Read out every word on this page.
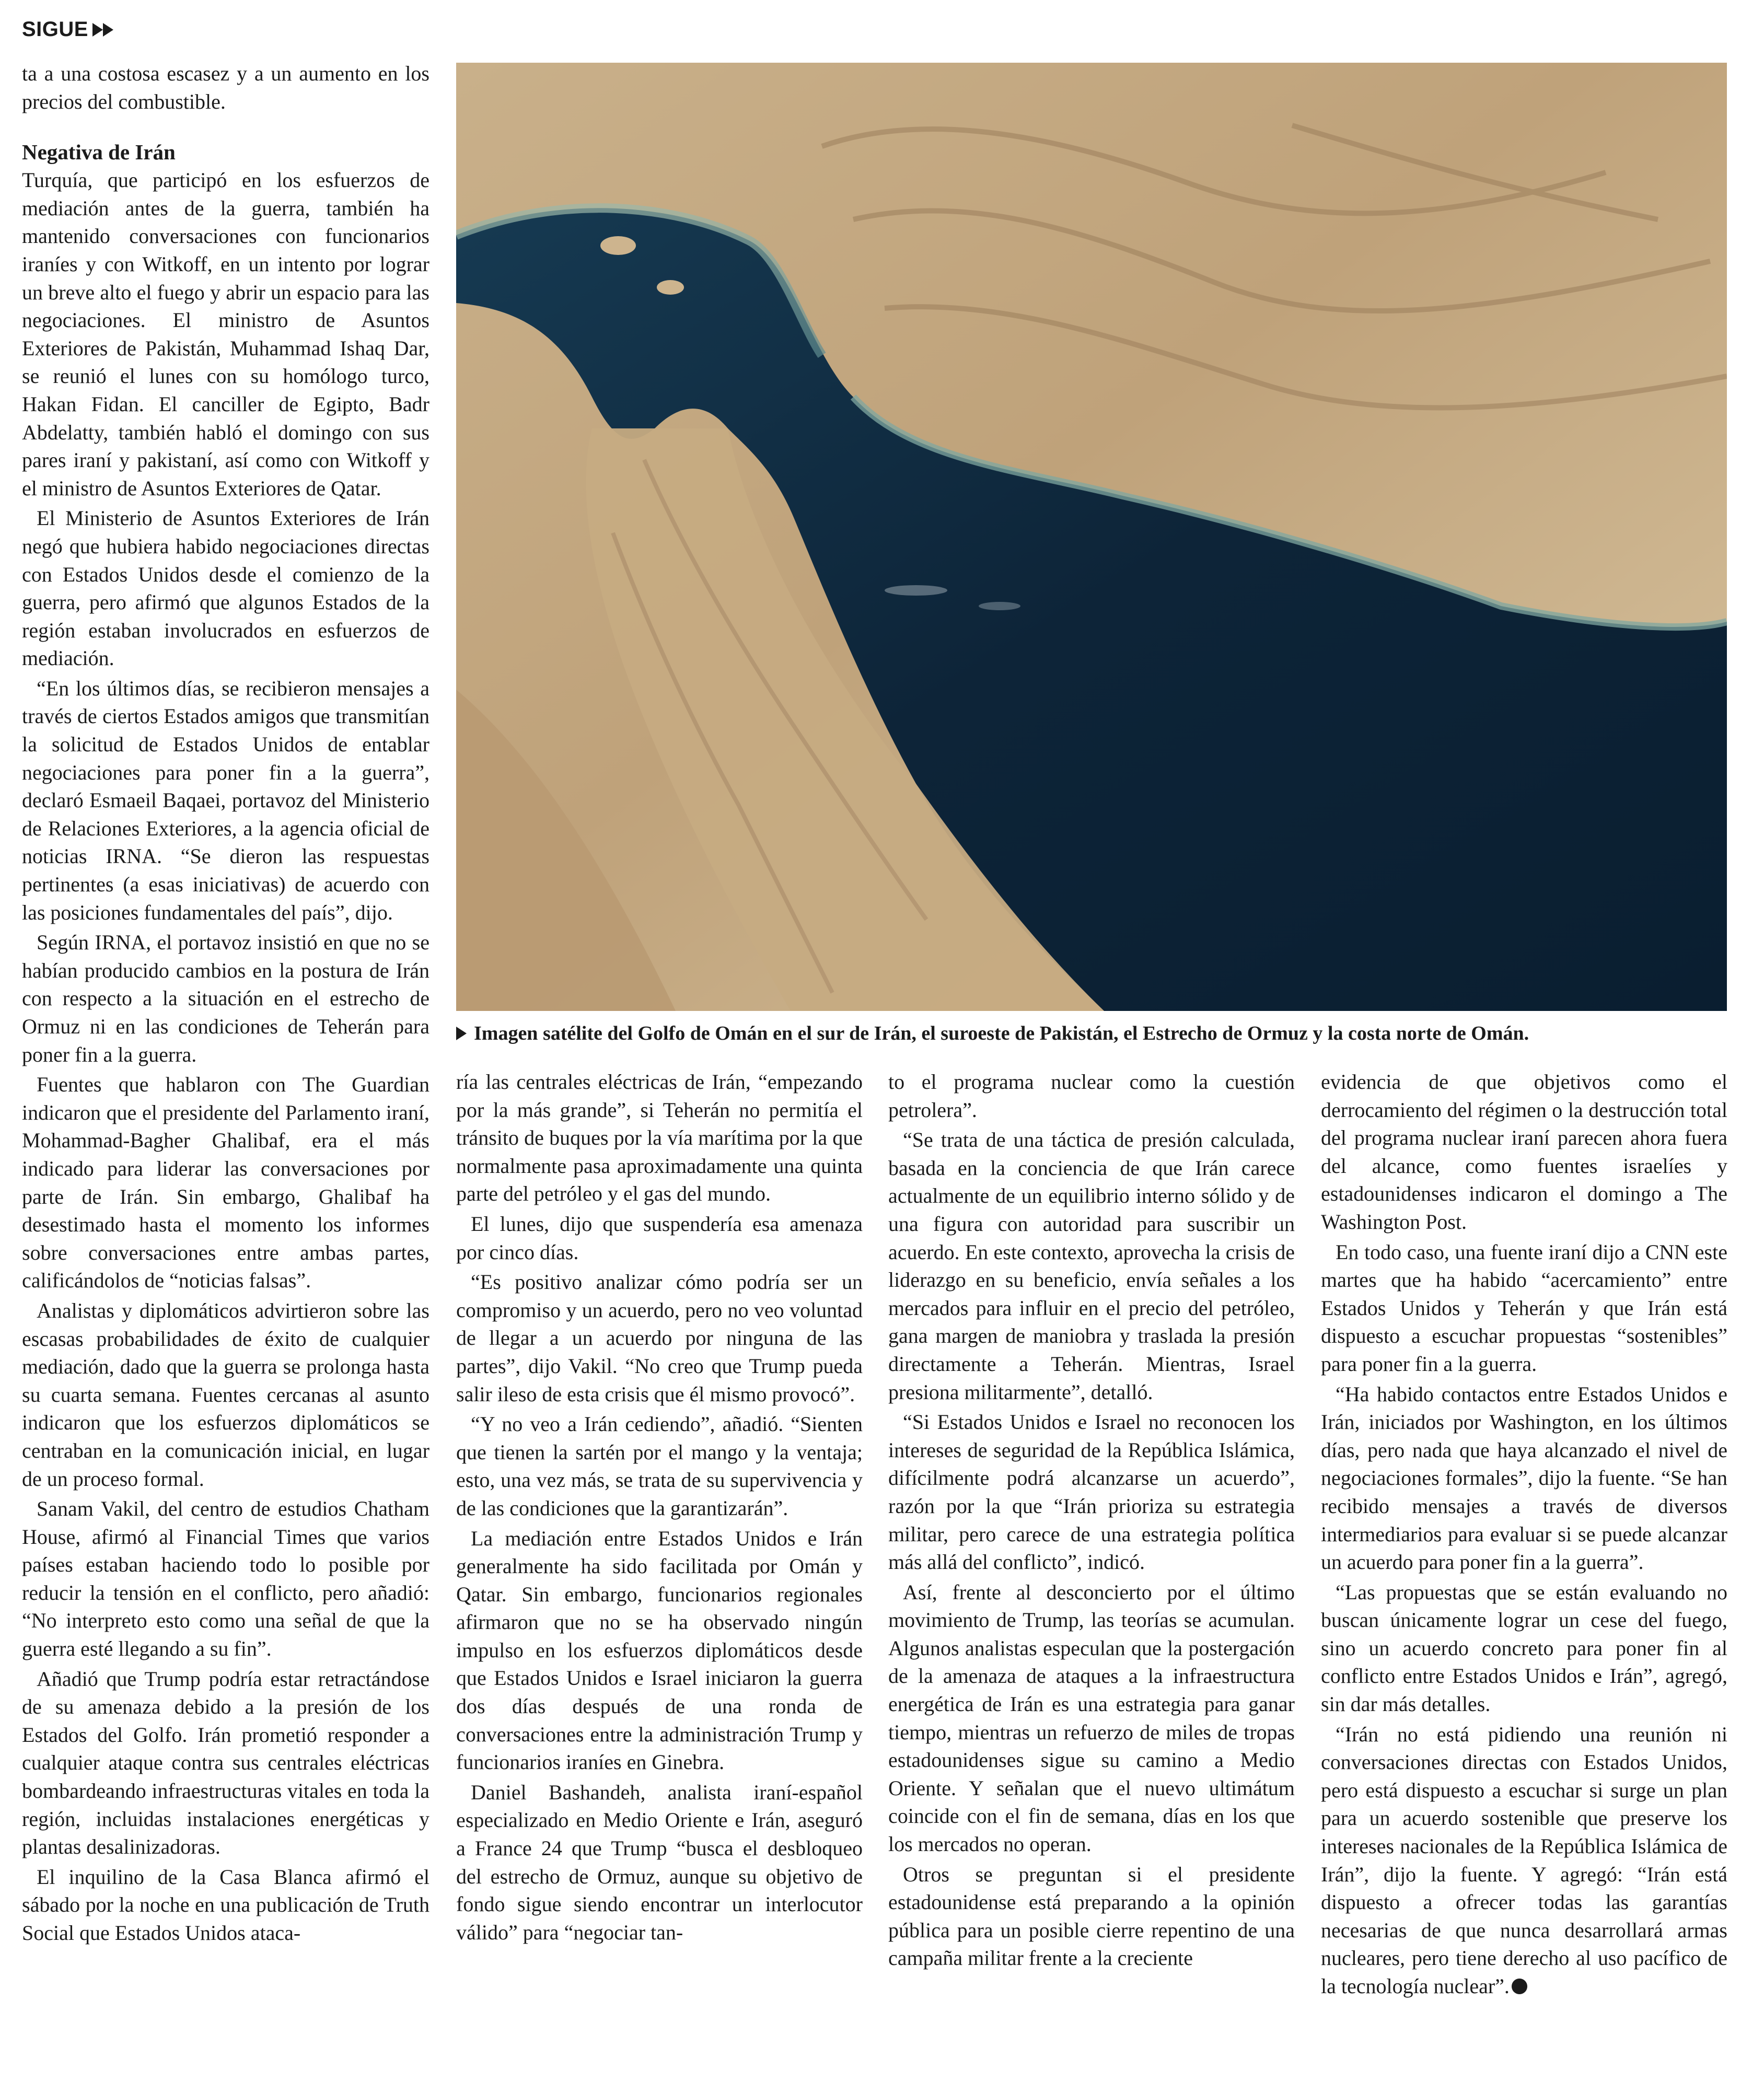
SIGUE

ta a una costosa escasez y a un aumento en los precios del combustible.

Negativa de Irán

Turquía, que participó en los esfuerzos de mediación antes de la guerra, también ha mantenido conversaciones con funcionarios iraníes y con Witkoff, en un intento por lograr un breve alto el fuego y abrir un espacio para las negociaciones. El ministro de Asuntos Exteriores de Pakistán, Muhammad Ishaq Dar, se reunió el lunes con su homólogo turco, Hakan Fidan. El canciller de Egipto, Badr Abdelatty, también habló el domingo con sus pares iraní y pakistaní, así como con Witkoff y el ministro de Asuntos Exteriores de Qatar.

El Ministerio de Asuntos Exteriores de Irán negó que hubiera habido negociaciones directas con Estados Unidos desde el comienzo de la guerra, pero afirmó que algunos Estados de la región estaban involucrados en esfuerzos de mediación.

“En los últimos días, se recibieron mensajes a través de ciertos Estados amigos que transmitían la solicitud de Estados Unidos de entablar negociaciones para poner fin a la guerra”, declaró Esmaeil Baqaei, portavoz del Ministerio de Relaciones Exteriores, a la agencia oficial de noticias IRNA. “Se dieron las respuestas pertinentes (a esas iniciativas) de acuerdo con las posiciones fundamentales del país”, dijo.

Según IRNA, el portavoz insistió en que no se habían producido cambios en la postura de Irán con respecto a la situación en el estrecho de Ormuz ni en las condiciones de Teherán para poner fin a la guerra.

Fuentes que hablaron con The Guardian indicaron que el presidente del Parlamento iraní, Mohammad-Bagher Ghalibaf, era el más indicado para liderar las conversaciones por parte de Irán. Sin embargo, Ghalibaf ha desestimado hasta el momento los informes sobre conversaciones entre ambas partes, calificándolos de “noticias falsas”.

Analistas y diplomáticos advirtieron sobre las escasas probabilidades de éxito de cualquier mediación, dado que la guerra se prolonga hasta su cuarta semana. Fuentes cercanas al asunto indicaron que los esfuerzos diplomáticos se centraban en la comunicación inicial, en lugar de un proceso formal.

Sanam Vakil, del centro de estudios Chatham House, afirmó al Financial Times que varios países estaban haciendo todo lo posible por reducir la tensión en el conflicto, pero añadió: “No interpreto esto como una señal de que la guerra esté llegando a su fin”.

Añadió que Trump podría estar retractándose de su amenaza debido a la presión de los Estados del Golfo. Irán prometió responder a cualquier ataque contra sus centrales eléctricas bombardeando infraestructuras vitales en toda la región, incluidas instalaciones energéticas y plantas desalinizadoras.

El inquilino de la Casa Blanca afirmó el sábado por la noche en una publicación de Truth Social que Estados Unidos ataca-

Imagen satélite del Golfo de Omán en el sur de Irán, el suroeste de Pakistán, el Estrecho de Ormuz y la costa norte de Omán.

ría las centrales eléctricas de Irán, “empezando por la más grande”, si Teherán no permitía el tránsito de buques por la vía marítima por la que normalmente pasa aproximadamente una quinta parte del petróleo y el gas del mundo.

El lunes, dijo que suspendería esa amenaza por cinco días.

“Es positivo analizar cómo podría ser un compromiso y un acuerdo, pero no veo voluntad de llegar a un acuerdo por ninguna de las partes”, dijo Vakil. “No creo que Trump pueda salir ileso de esta crisis que él mismo provocó”.

“Y no veo a Irán cediendo”, añadió. “Sienten que tienen la sartén por el mango y la ventaja; esto, una vez más, se trata de su supervivencia y de las condiciones que la garantizarán”.

La mediación entre Estados Unidos e Irán generalmente ha sido facilitada por Omán y Qatar. Sin embargo, funcionarios regionales afirmaron que no se ha observado ningún impulso en los esfuerzos diplomáticos desde que Estados Unidos e Israel iniciaron la guerra dos días después de una ronda de conversaciones entre la administración Trump y funcionarios iraníes en Ginebra.

Daniel Bashandeh, analista iraní-español especializado en Medio Oriente e Irán, aseguró a France 24 que Trump “busca el desbloqueo del estrecho de Ormuz, aunque su objetivo de fondo sigue siendo encontrar un interlocutor válido” para “negociar tan-

to el programa nuclear como la cuestión petrolera”.

“Se trata de una táctica de presión calculada, basada en la conciencia de que Irán carece actualmente de un equilibrio interno sólido y de una figura con autoridad para suscribir un acuerdo. En este contexto, aprovecha la crisis de liderazgo en su beneficio, envía señales a los mercados para influir en el precio del petróleo, gana margen de maniobra y traslada la presión directamente a Teherán. Mientras, Israel presiona militarmente”, detalló.

“Si Estados Unidos e Israel no reconocen los intereses de seguridad de la República Islámica, difícilmente podrá alcanzarse un acuerdo”, razón por la que “Irán prioriza su estrategia militar, pero carece de una estrategia política más allá del conflicto”, indicó.

Así, frente al desconcierto por el último movimiento de Trump, las teorías se acumulan. Algunos analistas especulan que la postergación de la amenaza de ataques a la infraestructura energética de Irán es una estrategia para ganar tiempo, mientras un refuerzo de miles de tropas estadounidenses sigue su camino a Medio Oriente. Y señalan que el nuevo ultimátum coincide con el fin de semana, días en los que los mercados no operan.

Otros se preguntan si el presidente estadounidense está preparando a la opinión pública para un posible cierre repentino de una campaña militar frente a la creciente

evidencia de que objetivos como el derrocamiento del régimen o la destrucción total del programa nuclear iraní parecen ahora fuera del alcance, como fuentes israelíes y estadounidenses indicaron el domingo a The Washington Post.

En todo caso, una fuente iraní dijo a CNN este martes que ha habido “acercamiento” entre Estados Unidos y Teherán y que Irán está dispuesto a escuchar propuestas “sostenibles” para poner fin a la guerra.

“Ha habido contactos entre Estados Unidos e Irán, iniciados por Washington, en los últimos días, pero nada que haya alcanzado el nivel de negociaciones formales”, dijo la fuente. “Se han recibido mensajes a través de diversos intermediarios para evaluar si se puede alcanzar un acuerdo para poner fin a la guerra”.

“Las propuestas que se están evaluando no buscan únicamente lograr un cese del fuego, sino un acuerdo concreto para poner fin al conflicto entre Estados Unidos e Irán”, agregó, sin dar más detalles.

“Irán no está pidiendo una reunión ni conversaciones directas con Estados Unidos, pero está dispuesto a escuchar si surge un plan para un acuerdo sostenible que preserve los intereses nacionales de la República Islámica de Irán”, dijo la fuente. Y agregó: “Irán está dispuesto a ofrecer todas las garantías necesarias de que nunca desarrollará armas nucleares, pero tiene derecho al uso pacífico de la tecnología nuclear”.
